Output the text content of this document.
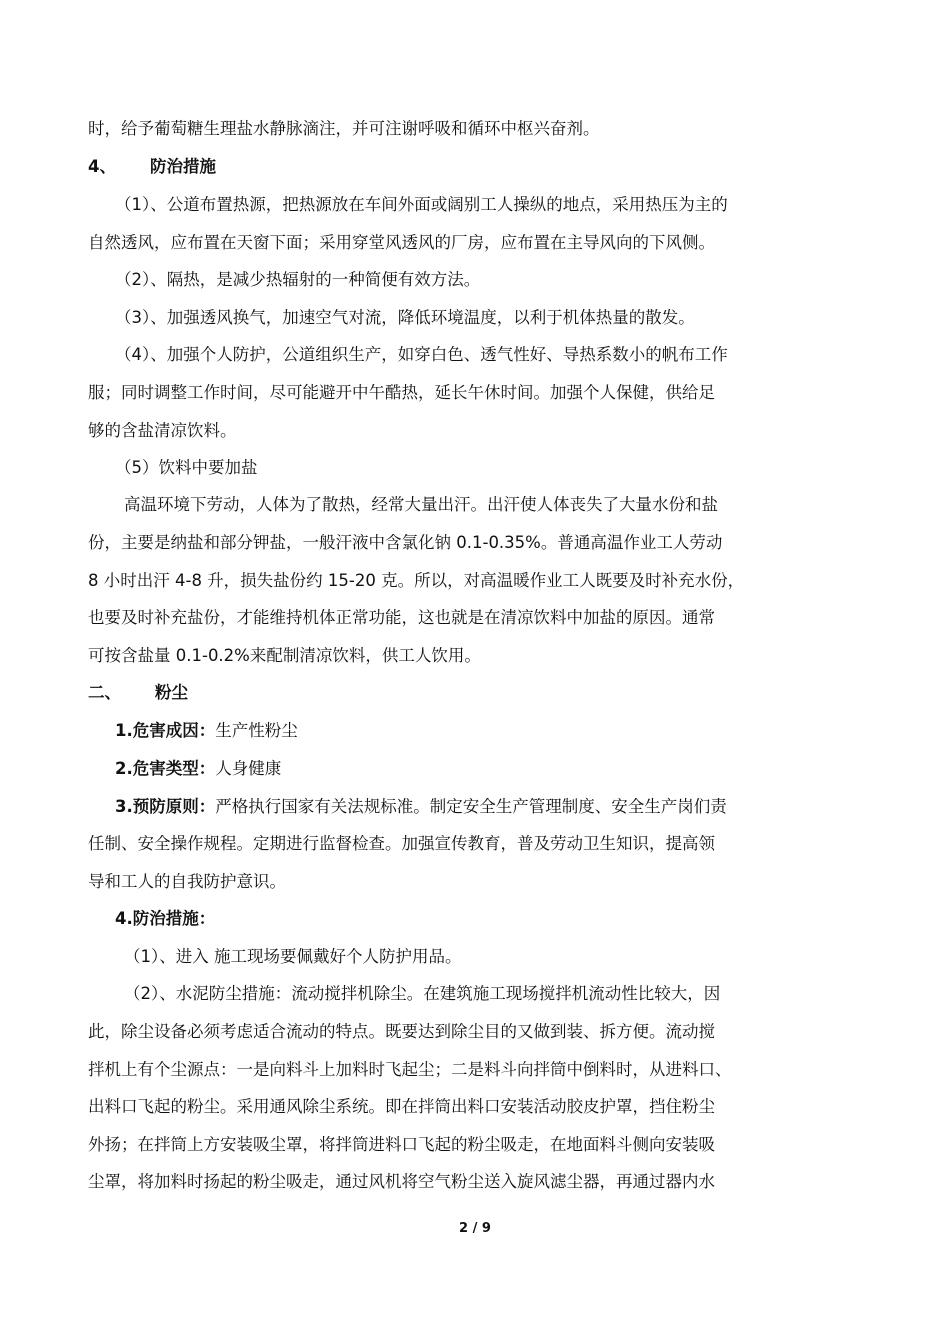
时，给予葡萄糖生理盐水静脉滴注，并可注谢呼吸和循环中枢兴奋剂。

4、 防治措施

（1）、公道布置热源，把热源放在车间外面或阔别工人操纵的地点，采用热压为主的

自然透风，应布置在天窗下面；采用穿堂风透风的厂房，应布置在主导风向的下风侧。

（2）、隔热，是减少热辐射的一种简便有效方法。

（3）、加强透风换气，加速空气对流，降低环境温度，以利于机体热量的散发。

（4）、加强个人防护，公道组织生产，如穿白色、透气性好、导热系数小的帆布工作

服；同时调整工作时间，尽可能避开中午酷热，延长午休时间。加强个人保健，供给足

够的含盐清凉饮料。

（5）饮料中要加盐

高温环境下劳动，人体为了散热，经常大量出汗。出汗使人体丧失了大量水份和盐

份，主要是纳盐和部分钾盐，一般汗液中含氯化钠 0.1-0.35%。普通高温作业工人劳动

8 小时出汗 4-8 升，损失盐份约 15-20 克。所以，对高温暖作业工人既要及时补充水份，

也要及时补充盐份，才能维持机体正常功能，这也就是在清凉饮料中加盐的原因。通常

可按含盐量 0.1-0.2%来配制清凉饮料，供工人饮用。

二、 粉尘

1.危害成因：生产性粉尘

2.危害类型：人身健康

3.预防原则：严格执行国家有关法规标准。制定安全生产管理制度、安全生产岗们责

任制、安全操作规程。定期进行监督检查。加强宣传教育，普及劳动卫生知识，提高领

导和工人的自我防护意识。

4.防治措施：

（1）、进入 施工现场要佩戴好个人防护用品。

（2）、水泥防尘措施：流动搅拌机除尘。在建筑施工现场搅拌机流动性比较大，因

此，除尘设备必须考虑适合流动的特点。既要达到除尘目的又做到装、拆方便。流动搅

拌机上有个尘源点：一是向料斗上加料时飞起尘；二是料斗向拌筒中倒料时，从进料口、

出料口飞起的粉尘。采用通风除尘系统。即在拌筒出料口安装活动胶皮护罩，挡住粉尘

外扬；在拌筒上方安装吸尘罩，将拌筒进料口飞起的粉尘吸走，在地面料斗侧向安装吸

尘罩，将加料时扬起的粉尘吸走，通过风机将空气粉尘送入旋风滤尘器，再通过器内水

2 / 9
